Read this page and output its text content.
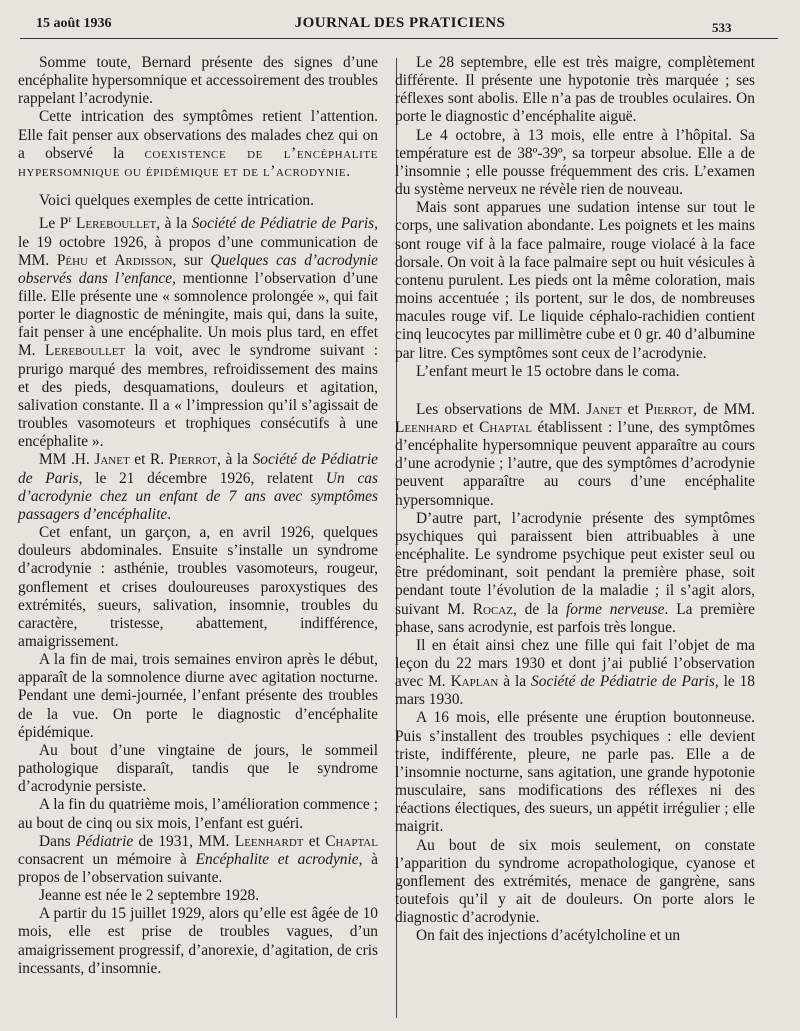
15 août 1936	JOURNAL DES PRATICIENS	533

Somme toute, Bernard présente des signes d’une encéphalite hypersomnique et accessoirement des troubles rappelant l’acrodynie.

Cette intrication des symptômes retient l’attention. Elle fait penser aux observations des malades chez qui on a observé la coexistence de l’encéphalite hypersomnique ou épidémique et de l’acrodynie.

Voici quelques exemples de cette intrication.

Le $P^r$ Lereboullet, à la Société de Pédiatrie de Paris, le 19 octobre 1926, à propos d’une communication de MM. Péhu et Ardisson, sur Quelques cas d’acrodynie observés dans l’enfance, mentionne l’observation d’une fille. Elle présente une « somnolence prolongée », qui fait porter le diagnostic de méningite, mais qui, dans la suite, fait penser à une encéphalite. Un mois plus tard, en effet M. Lereboullet la voit, avec le syndrome suivant : prurigo marqué des membres, refroidissement des mains et des pieds, desquamations, douleurs et agitation, salivation constante. Il a « l’impression qu’il s’agissait de troubles vasomoteurs et trophiques consécutifs à une encéphalite ».

MM .H. Janet et R. Pierrot, à la Société de Pédiatrie de Paris, le 21 décembre 1926, relatent Un cas d’acrodynie chez un enfant de 7 ans avec symptômes passagers d’encéphalite.

Cet enfant, un garçon, a, en avril 1926, quelques douleurs abdominales. Ensuite s’installe un syndrome d’acrodynie : asthénie, troubles vasomoteurs, rougeur, gonflement et crises douloureuses paroxystiques des extrémités, sueurs, salivation, insomnie, troubles du caractère, tristesse, abattement, indifférence, amaigrissement.

A la fin de mai, trois semaines environ après le début, apparaît de la somnolence diurne avec agitation nocturne. Pendant une demi-journée, l’enfant présente des troubles de la vue. On porte le diagnostic d’encéphalite épidémique.

Au bout d’une vingtaine de jours, le sommeil pathologique disparaît, tandis que le syndrome d’acrodynie persiste.

A la fin du quatrième mois, l’amélioration commence ; au bout de cinq ou six mois, l’enfant est guéri.

Dans Pédiatrie de 1931, MM. Leenhardt et Chaptal consacrent un mémoire à Encéphalite et acrodynie, à propos de l’observation suivante.

Jeanne est née le 2 septembre 1928.

A partir du 15 juillet 1929, alors qu’elle est âgée de 10 mois, elle est prise de troubles vagues, d’un amaigrissement progressif, d’anorexie, d’agitation, de cris incessants, d’insomnie.

Le 28 septembre, elle est très maigre, complètement différente. Il présente une hypotonie très marquée ; ses réflexes sont abolis. Elle n’a pas de troubles oculaires. On porte le diagnostic d’encéphalite aiguë.

Le 4 octobre, à 13 mois, elle entre à l’hôpital. Sa température est de 38º-39º, sa torpeur absolue. Elle a de l’insomnie ; elle pousse fréquemment des cris. L’examen du système nerveux ne révèle rien de nouveau.

Mais sont apparues une sudation intense sur tout le corps, une salivation abondante. Les poignets et les mains sont rouge vif à la face palmaire, rouge violacé à la face dorsale. On voit à la face palmaire sept ou huit vésicules à contenu purulent. Les pieds ont la même coloration, mais moins accentuée ; ils portent, sur le dos, de nombreuses macules rouge vif. Le liquide céphalo-rachidien contient cinq leucocytes par millimètre cube et 0 gr. 40 d’albumine par litre. Ces symptômes sont ceux de l’acrodynie.

L’enfant meurt le 15 octobre dans le coma.

Les observations de MM. Janet et Pierrot, de MM. Leenhard et Chaptal établissent : l’une, des symptômes d’encéphalite hypersomnique peuvent apparaître au cours d’une acrodynie ; l’autre, que des symptômes d’acrodynie peuvent apparaître au cours d’une encéphalite hypersomnique.

D’autre part, l’acrodynie présente des symptômes psychiques qui paraissent bien attribuables à une encéphalite. Le syndrome psychique peut exister seul ou être prédominant, soit pendant la première phase, soit pendant toute l’évolution de la maladie ; il s’agit alors, suivant M. Rocaz, de la forme nerveuse. La première phase, sans acrodynie, est parfois très longue.

Il en était ainsi chez une fille qui fait l’objet de ma leçon du 22 mars 1930 et dont j’ai publié l’observation avec M. Kaplan à la Société de Pédiatrie de Paris, le 18 mars 1930.

A 16 mois, elle présente une éruption boutonneuse. Puis s’installent des troubles psychiques : elle devient triste, indifférente, pleure, ne parle pas. Elle a de l’insomnie nocturne, sans agitation, une grande hypotonie musculaire, sans modifications des réflexes ni des réactions électiques, des sueurs, un appétit irrégulier ; elle maigrit.

Au bout de six mois seulement, on constate l’apparition du syndrome acropathologique, cyanose et gonflement des extrémités, menace de gangrène, sans toutefois qu’il y ait de douleurs. On porte alors le diagnostic d’acrodynie.

On fait des injections d’acétylcholine et un
